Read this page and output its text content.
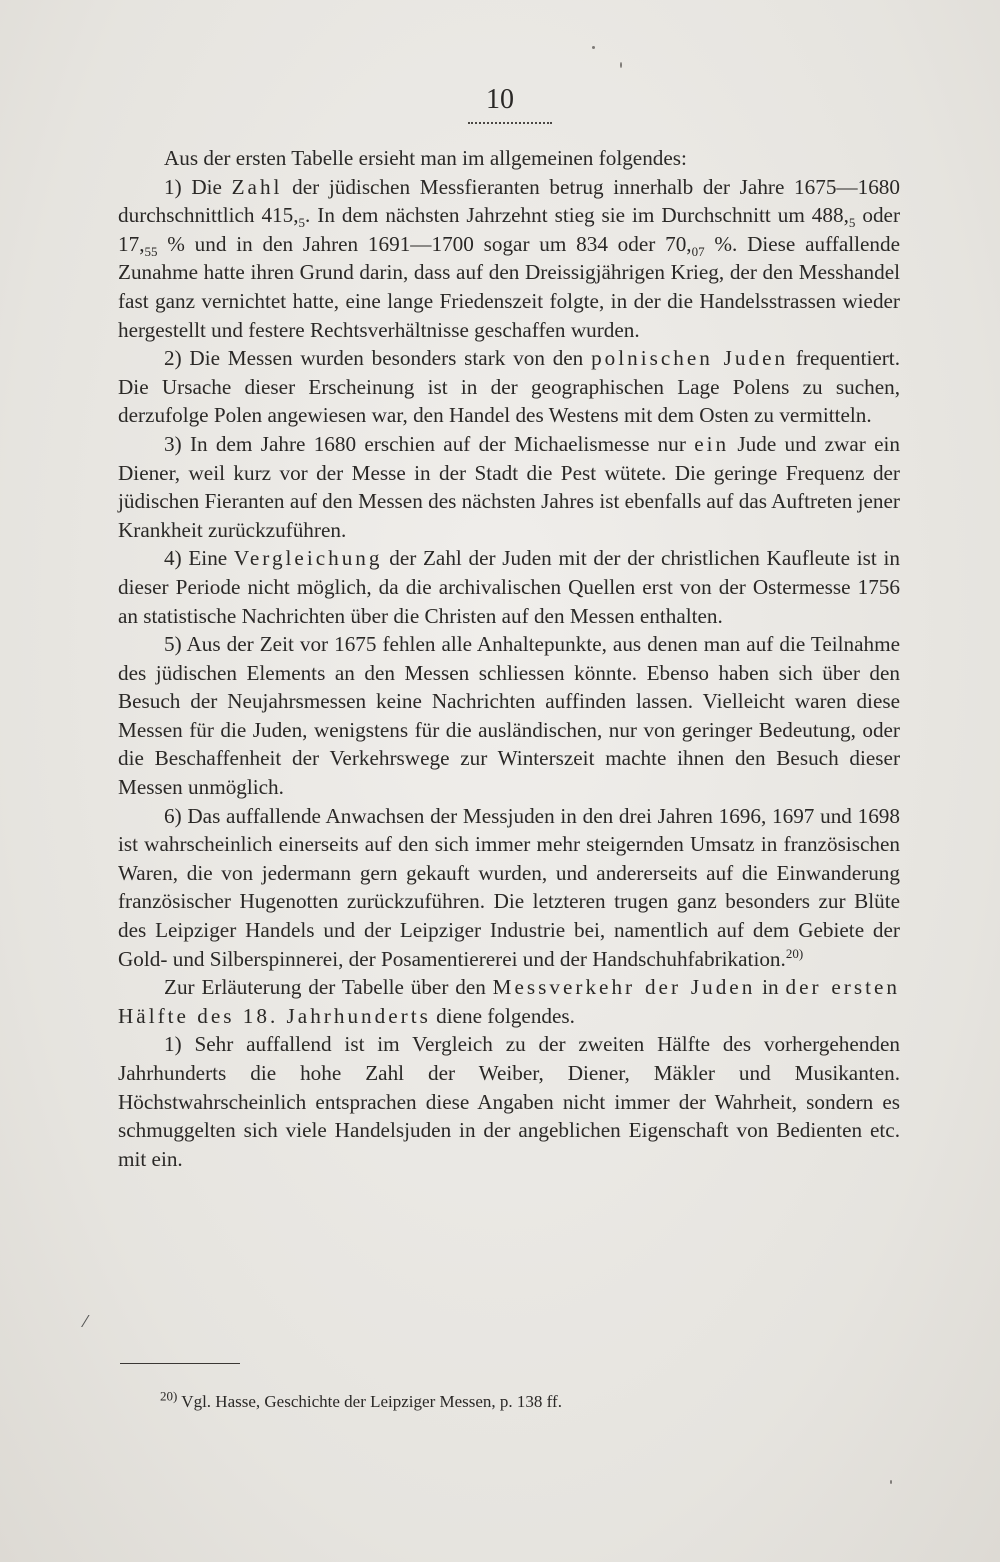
10

Aus der ersten Tabelle ersieht man im allgemeinen folgendes:

1) Die Zahl der jüdischen Messfieranten betrug innerhalb der Jahre 1675—1680 durchschnittlich $415,_5$. In dem nächsten Jahrzehnt stieg sie im Durchschnitt um $488,_5$ oder $17,_{55}$ % und in den Jahren 1691—1700 sogar um 834 oder $70,_{07}$ %. Diese auffallende Zunahme hatte ihren Grund darin, dass auf den Dreissigjährigen Krieg, der den Messhandel fast ganz vernichtet hatte, eine lange Friedenszeit folgte, in der die Handelsstrassen wieder hergestellt und festere Rechtsverhältnisse geschaffen wurden.

2) Die Messen wurden besonders stark von den polnischen Juden frequentiert. Die Ursache dieser Erscheinung ist in der geographischen Lage Polens zu suchen, derzufolge Polen angewiesen war, den Handel des Westens mit dem Osten zu vermitteln.

3) In dem Jahre 1680 erschien auf der Michaelismesse nur ein Jude und zwar ein Diener, weil kurz vor der Messe in der Stadt die Pest wütete. Die geringe Frequenz der jüdischen Fieranten auf den Messen des nächsten Jahres ist ebenfalls auf das Auftreten jener Krankheit zurückzuführen.

4) Eine Vergleichung der Zahl der Juden mit der der christlichen Kaufleute ist in dieser Periode nicht möglich, da die archivalischen Quellen erst von der Ostermesse 1756 an statistische Nachrichten über die Christen auf den Messen enthalten.

5) Aus der Zeit vor 1675 fehlen alle Anhaltepunkte, aus denen man auf die Teilnahme des jüdischen Elements an den Messen schliessen könnte. Ebenso haben sich über den Besuch der Neujahrsmessen keine Nachrichten auffinden lassen. Vielleicht waren diese Messen für die Juden, wenigstens für die ausländischen, nur von geringer Bedeutung, oder die Beschaffenheit der Verkehrswege zur Winterszeit machte ihnen den Besuch dieser Messen unmöglich.

6) Das auffallende Anwachsen der Messjuden in den drei Jahren 1696, 1697 und 1698 ist wahrscheinlich einerseits auf den sich immer mehr steigernden Umsatz in französischen Waren, die von jedermann gern gekauft wurden, und andererseits auf die Einwanderung französischer Hugenotten zurückzuführen. Die letzteren trugen ganz besonders zur Blüte des Leipziger Handels und der Leipziger Industrie bei, namentlich auf dem Gebiete der Gold- und Silberspinnerei, der Posamentiererei und der Handschuhfabrikation.$^{20)}$

Zur Erläuterung der Tabelle über den Messverkehr der Juden in der ersten Hälfte des 18. Jahrhunderts diene folgendes.

1) Sehr auffallend ist im Vergleich zu der zweiten Hälfte des vorhergehenden Jahrhunderts die hohe Zahl der Weiber, Diener, Mäkler und Musikanten. Höchstwahrscheinlich entsprachen diese Angaben nicht immer der Wahrheit, sondern es schmuggelten sich viele Handelsjuden in der angeblichen Eigenschaft von Bedienten etc. mit ein.

⁄
$^{20)}$ Vgl. Hasse, Geschichte der Leipziger Messen, p. 138 ff.
